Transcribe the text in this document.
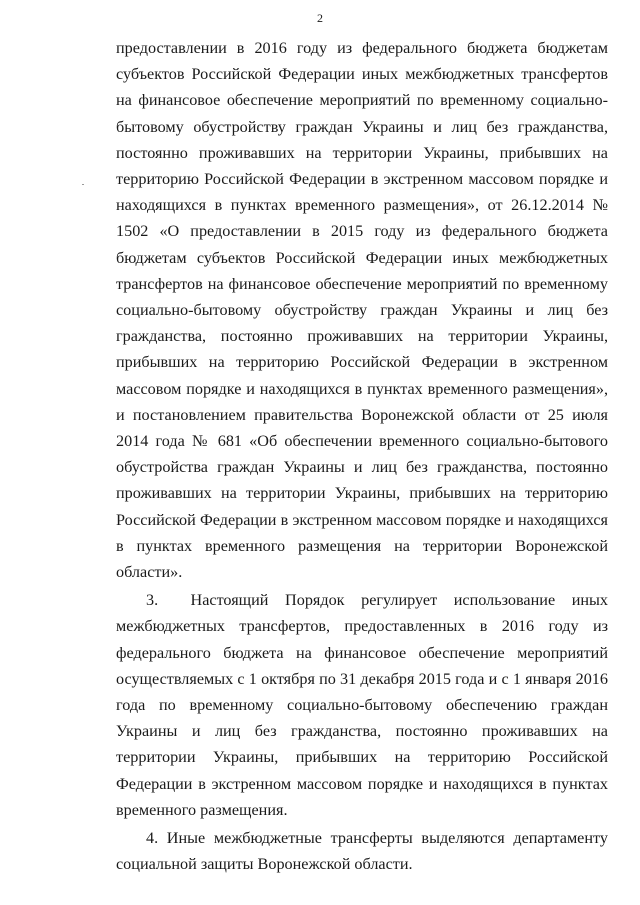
2

предоставлении в 2016 году из федерального бюджета бюджетам субъектов Российской Федерации иных межбюджетных трансфертов на финансовое обеспечение мероприятий по временному социально-бытовому обустройству граждан Украины и лиц без гражданства, постоянно проживавших на территории Украины, прибывших на территорию Российской Федерации в экстренном массовом порядке и находящихся в пунктах временного размещения», от 26.12.2014 № 1502 «О предоставлении в 2015 году из федерального бюджета бюджетам субъектов Российской Федерации иных межбюджетных трансфертов на финансовое обеспечение мероприятий по временному социально-бытовому обустройству граждан Украины и лиц без гражданства, постоянно проживавших на территории Украины, прибывших на территорию Российской Федерации в экстренном массовом порядке и находящихся в пунктах временного размещения», и постановлением правительства Воронежской области от 25 июля 2014 года № 681 «Об обеспечении временного социально-бытового обустройства граждан Украины и лиц без гражданства, постоянно проживавших на территории Украины, прибывших на территорию Российской Федерации в экстренном массовом порядке и находящихся в пунктах временного размещения на территории Воронежской области».

3.  Настоящий Порядок регулирует использование иных межбюджетных трансфертов, предоставленных в 2016 году из федерального бюджета на финансовое обеспечение мероприятий осуществляемых с 1 октября по 31 декабря 2015 года и с 1 января 2016 года по временному социально-бытовому обеспечению граждан Украины и лиц без гражданства, постоянно проживавших на территории Украины, прибывших на территорию Российской Федерации в экстренном массовом порядке и находящихся в пунктах временного размещения.

4. Иные межбюджетные трансферты выделяются департаменту социальной защиты Воронежской области.
